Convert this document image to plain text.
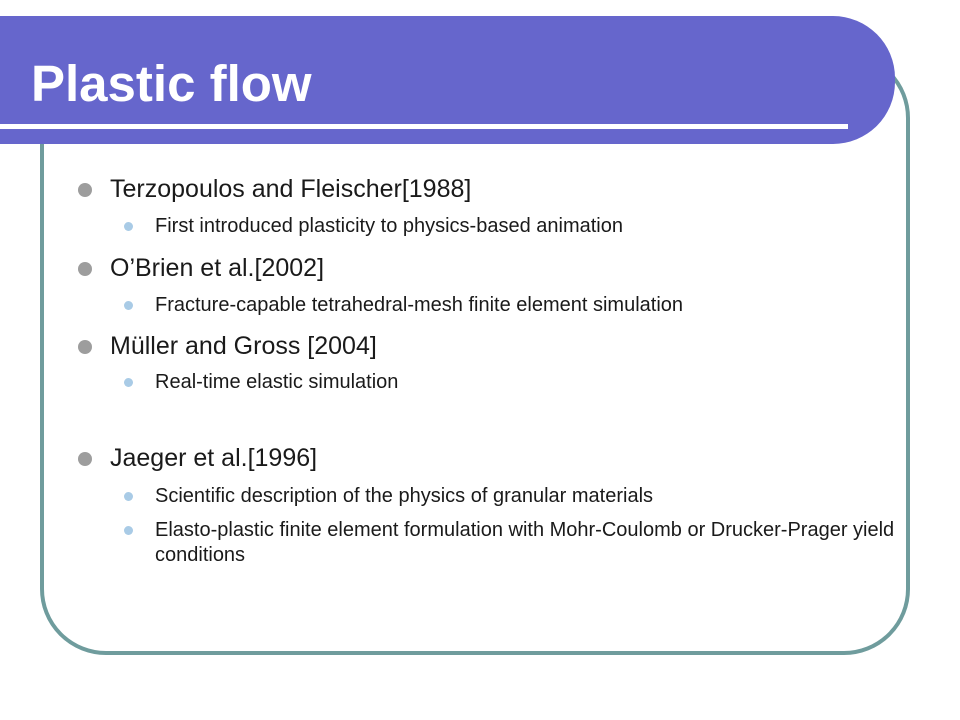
Plastic flow
Terzopoulos and Fleischer[1988]
First introduced plasticity to physics-based animation
O’Brien et al.[2002]
Fracture-capable tetrahedral-mesh finite element simulation
Müller and Gross [2004]
Real-time elastic simulation
Jaeger et al.[1996]
Scientific description of the physics of granular materials
Elasto-plastic finite element formulation with Mohr-Coulomb or Drucker-Prager yield conditions
